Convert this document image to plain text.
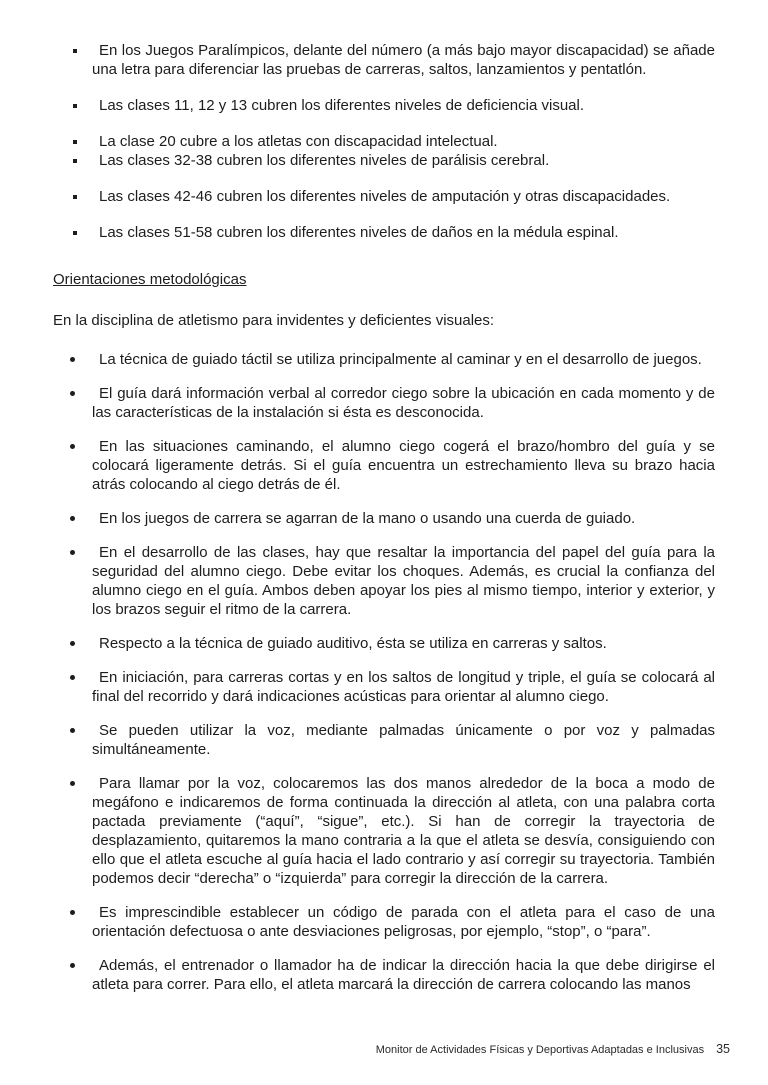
En los Juegos Paralímpicos, delante del número (a más bajo mayor discapacidad) se añade una letra para diferenciar las pruebas de carreras, saltos, lanzamientos y pentatlón.
Las clases 11, 12 y 13 cubren los diferentes niveles de deficiencia visual.
La clase 20 cubre a los atletas con discapacidad intelectual.
Las clases 32-38 cubren los diferentes niveles de parálisis cerebral.
Las clases 42-46 cubren los diferentes niveles de amputación y otras discapacidades.
Las clases 51-58 cubren los diferentes niveles de daños en la médula espinal.
Orientaciones metodológicas
En la disciplina de atletismo para invidentes y deficientes visuales:
La técnica de guiado táctil se utiliza principalmente al caminar y en el desarrollo de juegos.
El guía dará información verbal al corredor ciego sobre la ubicación en cada momento y de las características de la instalación si ésta es desconocida.
En las situaciones caminando, el alumno ciego cogerá el brazo/hombro del guía y se colocará ligeramente detrás. Si el guía encuentra un estrechamiento lleva su brazo hacia atrás colocando al ciego detrás de él.
En los juegos de carrera se agarran de la mano o usando una cuerda de guiado.
En el desarrollo de las clases, hay que resaltar la importancia del papel del guía para la seguridad del alumno ciego. Debe evitar los choques. Además, es crucial la confianza del alumno ciego en el guía. Ambos deben apoyar los pies al mismo tiempo, interior y exterior, y los brazos seguir el ritmo de la carrera.
Respecto a la técnica de guiado auditivo, ésta se utiliza en carreras y saltos.
En iniciación, para carreras cortas y en los saltos de longitud y triple, el guía se colocará al final del recorrido y dará indicaciones acústicas para orientar al alumno ciego.
Se pueden utilizar la voz, mediante palmadas únicamente o por voz y palmadas simultáneamente.
Para llamar por la voz, colocaremos las dos manos alrededor de la boca a modo de megáfono e indicaremos de forma continuada la dirección al atleta, con una palabra corta pactada previamente (“aquí”, “sigue”, etc.). Si han de corregir la trayectoria de desplazamiento, quitaremos la mano contraria a la que el atleta se desvía, consiguiendo con ello que el atleta escuche al guía hacia el lado contrario y así corregir su trayectoria. También podemos decir “derecha” o “izquierda” para corregir la dirección de la carrera.
Es imprescindible establecer un código de parada con el atleta para el caso de una orientación defectuosa o ante desviaciones peligrosas, por ejemplo, “stop”, o “para”.
Además, el entrenador o llamador ha de indicar la dirección hacia la que debe dirigirse el atleta para correr. Para ello, el atleta marcará la dirección de carrera colocando las manos
Monitor de Actividades Físicas y Deportivas Adaptadas e Inclusivas 35
